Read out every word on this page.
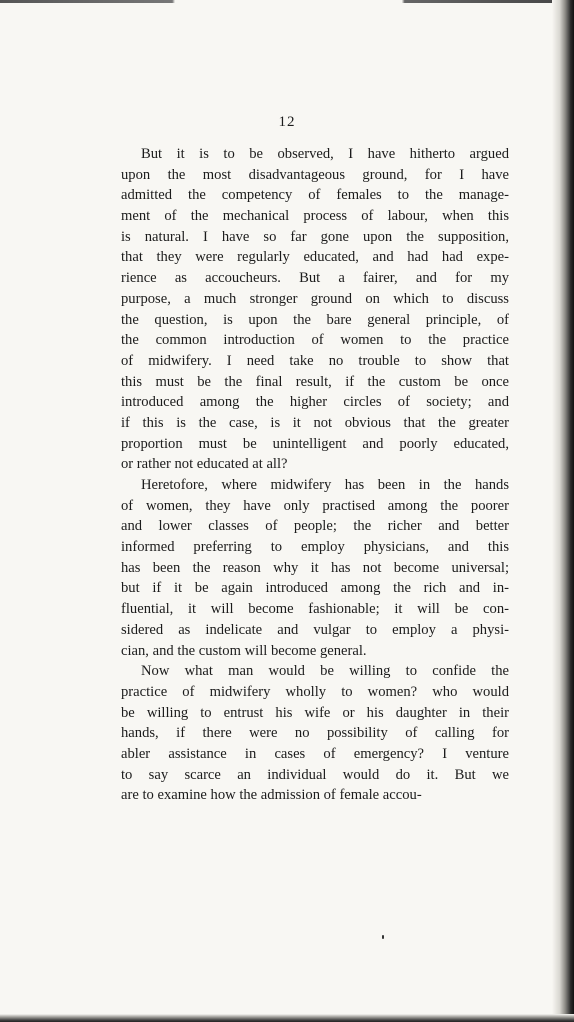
12
But it is to be observed, I have hitherto argued
upon the most disadvantageous ground, for I have
admitted the competency of females to the manage-
ment of the mechanical process of labour, when this
is natural. I have so far gone upon the supposition,
that they were regularly educated, and had had expe-
rience as accoucheurs. But a fairer, and for my
purpose, a much stronger ground on which to discuss
the question, is upon the bare general principle, of
the common introduction of women to the practice
of midwifery. I need take no trouble to show that
this must be the final result, if the custom be once
introduced among the higher circles of society; and
if this is the case, is it not obvious that the greater
proportion must be unintelligent and poorly educated,
or rather not educated at all?
Heretofore, where midwifery has been in the hands
of women, they have only practised among the poorer
and lower classes of people; the richer and better
informed preferring to employ physicians, and this
has been the reason why it has not become universal;
but if it be again introduced among the rich and in-
fluential, it will become fashionable; it will be con-
sidered as indelicate and vulgar to employ a physi-
cian, and the custom will become general.
Now what man would be willing to confide the
practice of midwifery wholly to women? who would
be willing to entrust his wife or his daughter in their
hands, if there were no possibility of calling for
abler assistance in cases of emergency? I venture
to say scarce an individual would do it. But we
are to examine how the admission of female accou-
